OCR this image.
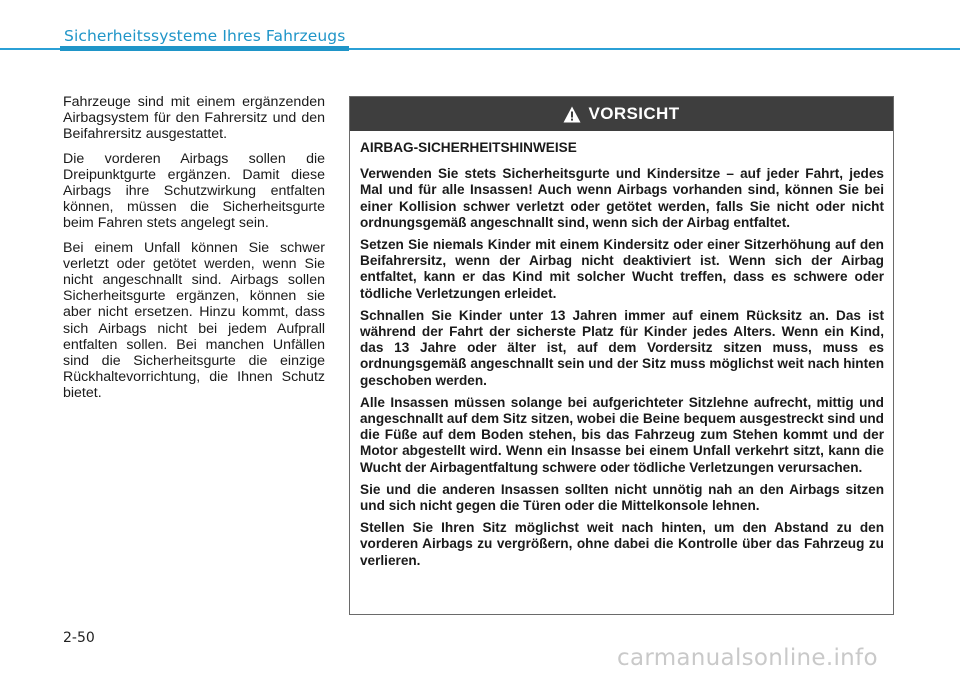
Sicherheitssysteme Ihres Fahrzeugs

Fahrzeuge sind mit einem ergänzenden Airbagsystem für den Fahrersitz und den Beifahrersitz ausgestattet.

Die vorderen Airbags sollen die Dreipunktgurte ergänzen. Damit diese Airbags ihre Schutzwirkung entfalten können, müssen die Sicherheitsgurte beim Fahren stets angelegt sein.

Bei einem Unfall können Sie schwer verletzt oder getötet werden, wenn Sie nicht angeschnallt sind. Airbags sollen Sicherheitsgurte ergänzen, können sie aber nicht ersetzen. Hinzu kommt, dass sich Airbags nicht bei jedem Aufprall entfalten sollen. Bei manchen Unfällen sind die Sicherheitsgurte die einzige Rückhaltevorrichtung, die Ihnen Schutz bietet.

VORSICHT
AIRBAG-SICHERHEITSHINWEISE

Verwenden Sie stets Sicherheitsgurte und Kindersitze – auf jeder Fahrt, jedes Mal und für alle Insassen! Auch wenn Airbags vorhanden sind, können Sie bei einer Kollision schwer verletzt oder getötet werden, falls Sie nicht oder nicht ordnungsgemäß angeschnallt sind, wenn sich der Airbag entfaltet.

Setzen Sie niemals Kinder mit einem Kindersitz oder einer Sitzerhöhung auf den Beifahrersitz, wenn der Airbag nicht deaktiviert ist. Wenn sich der Airbag entfaltet, kann er das Kind mit solcher Wucht treffen, dass es schwere oder tödliche Verletzungen erleidet.

Schnallen Sie Kinder unter 13 Jahren immer auf einem Rücksitz an. Das ist während der Fahrt der sicherste Platz für Kinder jedes Alters. Wenn ein Kind, das 13 Jahre oder älter ist, auf dem Vordersitz sitzen muss, muss es ordnungsgemäß angeschnallt sein und der Sitz muss möglichst weit nach hinten geschoben werden.

Alle Insassen müssen solange bei aufgerichteter Sitzlehne aufrecht, mittig und angeschnallt auf dem Sitz sitzen, wobei die Beine bequem ausgestreckt sind und die Füße auf dem Boden stehen, bis das Fahrzeug zum Stehen kommt und der Motor abgestellt wird. Wenn ein Insasse bei einem Unfall verkehrt sitzt, kann die Wucht der Airbagentfaltung schwere oder tödliche Verletzungen verursachen.

Sie und die anderen Insassen sollten nicht unnötig nah an den Airbags sitzen und sich nicht gegen die Türen oder die Mittelkonsole lehnen.

Stellen Sie Ihren Sitz möglichst weit nach hinten, um den Abstand zu den vorderen Airbags zu vergrößern, ohne dabei die Kontrolle über das Fahrzeug zu verlieren.

2-50
carmanualsonline.info
